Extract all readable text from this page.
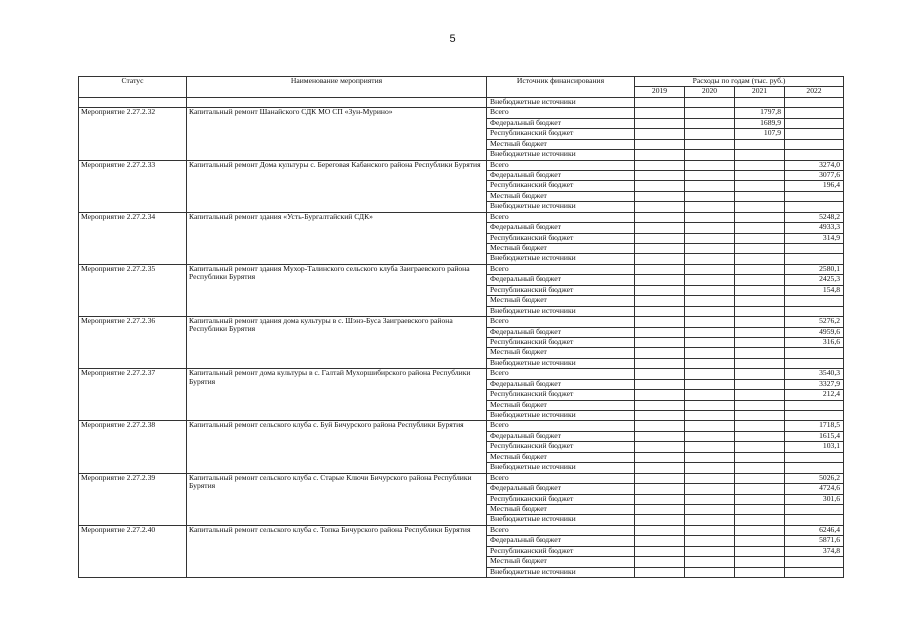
5
Статус	Наименование мероприятия	Источник финансирования	Расходы по годам (тыс. руб.)			
			2019	2020	2021	2022
		Внебюджетные источники				
Мероприятие 2.27.2.32	Капитальный ремонт Шанайского СДК МО СП «Зун-Муринo»	Всего			1797,8	
		Федеральный бюджет			1689,9	
		Республиканский бюджет			107,9	
		Местный бюджет				
		Внебюджетные источники				
Мероприятие 2.27.2.33	Капитальный ремонт Дома культуры с. Береговая Кабанского района Республики Бурятия	Всего				3274,0
		Федеральный бюджет				3077,6
		Республиканский бюджет				196,4
		Местный бюджет				
		Внебюджетные источники				
Мероприятие 2.27.2.34	Капитальный ремонт здания «Усть-Бургалтайский СДК»	Всего				5248,2
		Федеральный бюджет				4933,3
		Республиканский бюджет				314,9
		Местный бюджет				
		Внебюджетные источники				
Мероприятие 2.27.2.35	Капитальный ремонт здания Мухор-Талинского сельского клуба Заиграевского района Республики Бурятия	Всего				2580,1
		Федеральный бюджет				2425,3
		Республиканский бюджет				154,8
		Местный бюджет				
		Внебюджетные источники				
Мероприятие 2.27.2.36	Капитальный ремонт здания дома культуры в с. Шэнэ-Буса Заиграевского района Республики Бурятия	Всего				5276,2
		Федеральный бюджет				4959,6
		Республиканский бюджет				316,6
		Местный бюджет				
		Внебюджетные источники				
Мероприятие 2.27.2.37	Капитальный ремонт дома культуры в с. Галтай Мухоршибирского района Республики Бурятия	Всего				3540,3
		Федеральный бюджет				3327,9
		Республиканский бюджет				212,4
		Местный бюджет				
		Внебюджетные источники				
Мероприятие 2.27.2.38	Капитальный ремонт сельского клуба с. Буй Бичурского района Республики Бурятия	Всего				1718,5
		Федеральный бюджет				1615,4
		Республиканский бюджет				103,1
		Местный бюджет				
		Внебюджетные источники				
Мероприятие 2.27.2.39	Капитальный ремонт сельского клуба с. Старые Ключи Бичурского района Республики Бурятия	Всего				5026,2
		Федеральный бюджет				4724,6
		Республиканский бюджет				301,6
		Местный бюджет				
		Внебюджетные источники				
Мероприятие 2.27.2.40	Капитальный ремонт сельского клуба с. Топка Бичурского района Республики Бурятия	Всего				6246,4
		Федеральный бюджет				5871,6
		Республиканский бюджет				374,8
		Местный бюджет				
		Внебюджетные источники				
